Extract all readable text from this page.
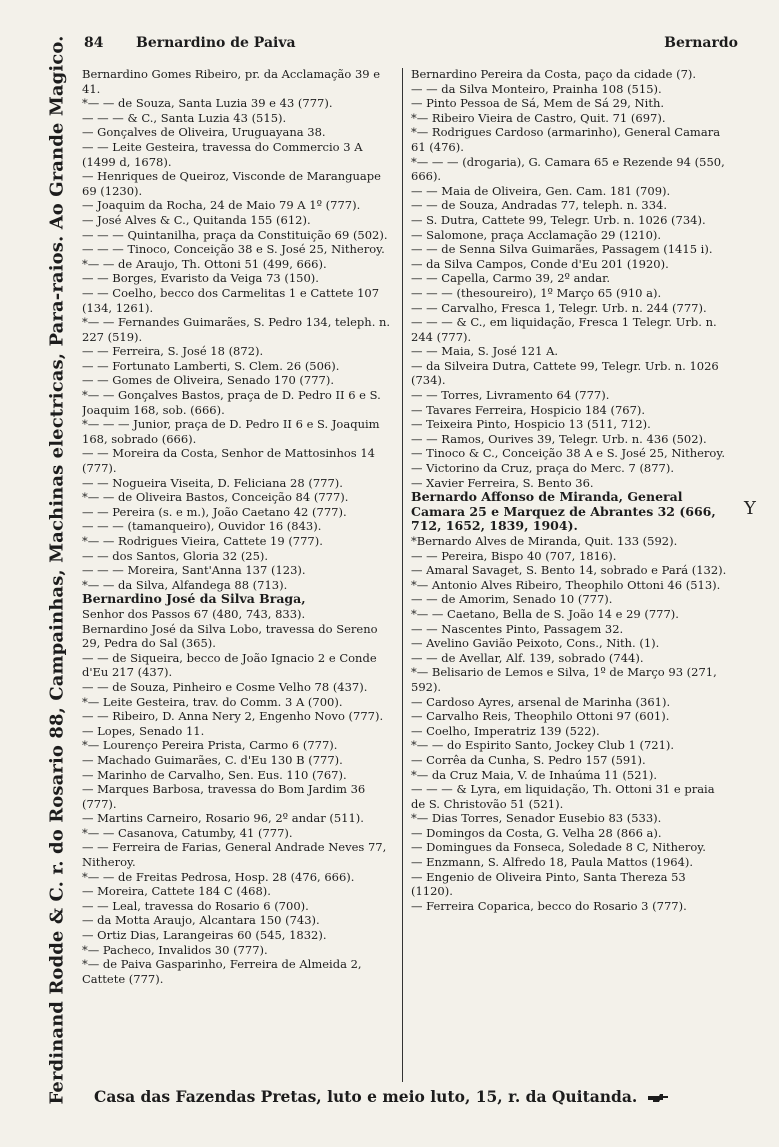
Ferdinand Rodde & C. r. do Rosario 88, Campainhas, Machinas electricas, Para-raios. Ao Grande Magico. 84 Bernardino de Paiva	Bernardo
Bernardino Gomes Ribeiro, pr. da Acclamação 39 e 41.
*— — de Souza, Santa Luzia 39 e 43 (777).
— — — & C., Santa Luzia 43 (515).
— Gonçalves de Oliveira, Uruguayana 38.
— — Leite Gesteira, travessa do Commercio 3 A (1499 d, 1678).
— Henriques de Queiroz, Visconde de Maranguape 69 (1230).
— Joaquim da Rocha, 24 de Maio 79 A 1º (777).
— José Alves & C., Quitanda 155 (612).
— — — Quintanilha, praça da Constituição 69 (502).
— — — Tinoco, Conceição 38 e S. José 25, Nitheroy.
*— — de Araujo, Th. Ottoni 51 (499, 666).
— — Borges, Evaristo da Veiga 73 (150).
— — Coelho, becco dos Carmelitas 1 e Cattete 107 (134, 1261).
*— — Fernandes Guimarães, S. Pedro 134, teleph. n. 227 (519).
— — Ferreira, S. José 18 (872).
— — Fortunato Lamberti, S. Clem. 26 (506).
— — Gomes de Oliveira, Senado 170 (777).
*— — Gonçalves Bastos, praça de D. Pedro II 6 e S. Joaquim 168, sob. (666).
*— — — Junior, praça de D. Pedro II 6 e S. Joaquim 168, sobrado (666).
— — Moreira da Costa, Senhor de Mattosinhos 14 (777).
— — Nogueira Viseita, D. Feliciana 28 (777).
*— — de Oliveira Bastos, Conceição 84 (777).
— — Pereira (s. e m.), João Caetano 42 (777).
— — — (tamanqueiro), Ouvidor 16 (843).
*— — Rodrigues Vieira, Cattete 19 (777).
— — dos Santos, Gloria 32 (25).
— — — Moreira, Sant'Anna 137 (123).
*— — da Silva, Alfandega 88 (713).
Bernardino José da Silva Braga,
Senhor dos Passos 67 (480, 743, 833).
Bernardino José da Silva Lobo, travessa do Sereno 29, Pedra do Sal (365).
— — de Siqueira, becco de João Ignacio 2 e Conde d'Eu 217 (437).
— — de Souza, Pinheiro e Cosme Velho 78 (437).
*— Leite Gesteira, trav. do Comm. 3 A (700).
— — Ribeiro, D. Anna Nery 2, Engenho Novo (777).
— Lopes, Senado 11.
*— Lourenço Pereira Prista, Carmo 6 (777).
— Machado Guimarães, C. d'Eu 130 B (777).
— Marinho de Carvalho, Sen. Eus. 110 (767).
— Marques Barbosa, travessa do Bom Jardim 36 (777).
— Martins Carneiro, Rosario 96, 2º andar (511).
*— — Casanova, Catumby, 41 (777).
— — Ferreira de Farias, General Andrade Neves 77, Nitheroy.
*— — de Freitas Pedrosa, Hosp. 28 (476, 666).
— Moreira, Cattete 184 C (468).
— — Leal, travessa do Rosario 6 (700).
— da Motta Araujo, Alcantara 150 (743).
— Ortiz Dias, Larangeiras 60 (545, 1832).
*— Pacheco, Invalidos 30 (777).
*— de Paiva Gasparinho, Ferreira de Almeida 2, Cattete (777).
Bernardino Pereira da Costa, paço da cidade (7).
— — da Silva Monteiro, Prainha 108 (515).
— Pinto Pessoa de Sá, Mem de Sá 29, Nith.
*— Ribeiro Vieira de Castro, Quit. 71 (697).
*— Rodrigues Cardoso (armarinho), General Camara 61 (476).
*— — — (drogaria), G. Camara 65 e Rezende 94 (550, 666).
— — Maia de Oliveira, Gen. Cam. 181 (709).
— — de Souza, Andradas 77, teleph. n. 334.
— S. Dutra, Cattete 99, Telegr. Urb. n. 1026 (734).
— Salomone, praça Acclamação 29 (1210).
— — de Senna Silva Guimarães, Passagem (1415 i).
— da Silva Campos, Conde d'Eu 201 (1920).
— — Capella, Carmo 39, 2º andar.
— — — (thesoureiro), 1º Março 65 (910 a).
— — Carvalho, Fresca 1, Telegr. Urb. n. 244 (777).
— — — & C., em liquidação, Fresca 1 Telegr. Urb. n. 244 (777).
— — Maia, S. José 121 A.
— da Silveira Dutra, Cattete 99, Telegr. Urb. n. 1026 (734).
— — Torres, Livramento 64 (777).
— Tavares Ferreira, Hospicio 184 (767).
— Teixeira Pinto, Hospicio 13 (511, 712).
— — Ramos, Ourives 39, Telegr. Urb. n. 436 (502).
— Tinoco & C., Conceição 38 A e S. José 25, Nitheroy.
— Victorino da Cruz, praça do Merc. 7 (877).
— Xavier Ferreira, S. Bento 36.
Bernardo Affonso de Miranda, General Camara 25 e Marquez de Abrantes 32 (666, 712, 1652, 1839, 1904).
*Bernardo Alves de Miranda, Quit. 133 (592).
— — Pereira, Bispo 40 (707, 1816).
— Amaral Savaget, S. Bento 14, sobrado e Pará (132).
*— Antonio Alves Ribeiro, Theophilo Ottoni 46 (513).
— — de Amorim, Senado 10 (777).
*— — Caetano, Bella de S. João 14 e 29 (777).
— — Nascentes Pinto, Passagem 32.
— Avelino Gavião Peixoto, Cons., Nith. (1).
— — de Avellar, Alf. 139, sobrado (744).
*— Belisario de Lemos e Silva, 1º de Março 93 (271, 592).
— Cardoso Ayres, arsenal de Marinha (361).
— Carvalho Reis, Theophilo Ottoni 97 (601).
— Coelho, Imperatriz 139 (522).
*— — do Espirito Santo, Jockey Club 1 (721).
— Corrêa da Cunha, S. Pedro 157 (591).
*— da Cruz Maia, V. de Inhaúma 11 (521).
— — — & Lyra, em liquidação, Th. Ottoni 31 e praia de S. Christovão 51 (521).
*— Dias Torres, Senador Eusebio 83 (533).
— Domingos da Costa, G. Velha 28 (866 a).
— Domingues da Fonseca, Soledade 8 C, Nitheroy.
— Enzmann, S. Alfredo 18, Paula Mattos (1964).
— Engenio de Oliveira Pinto, Santa Thereza 53 (1120).
— Ferreira Coparica, becco do Rosario 3 (777).
Y
Casa das Fazendas Pretas, luto e meio luto, 15, r. da Quitanda.
